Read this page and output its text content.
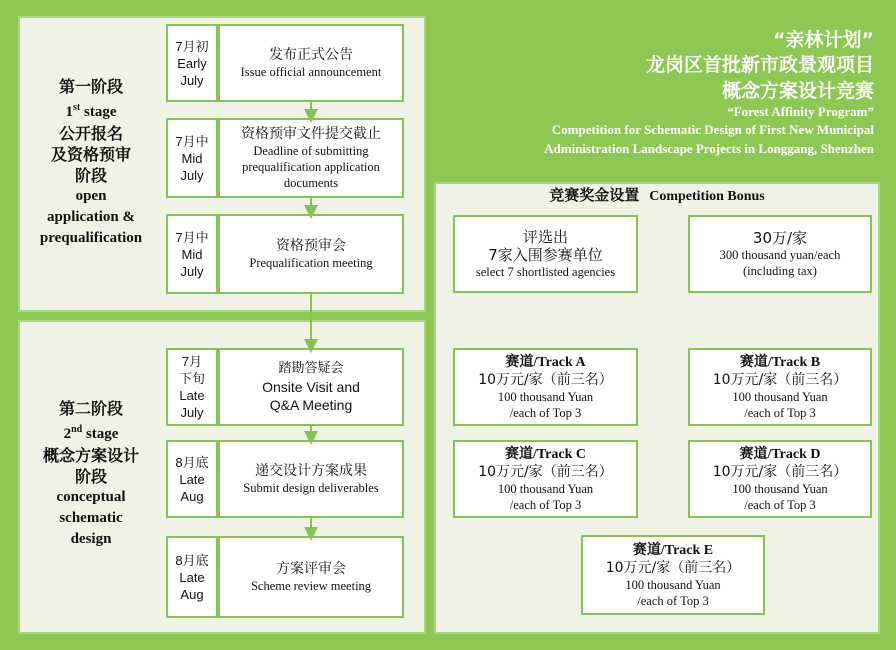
“亲林计划”
龙岗区首批新市政景观项目
概念方案设计竞赛
“Forest Affinity Program”
Competition for Schematic Design of First New Municipal
Administration Landscape Projects in Longgang, Shenzhen
第一阶段
1st stage
公开报名
及资格预审
阶段
open
application &
prequalification
7月初
Early
July
发布正式公告
Issue official announcement
7月中
Mid
July
资格预审文件提交截止
Deadline of submitting prequalification application documents
7月中
Mid
July
资格预审会
Prequalification meeting
第二阶段
2nd stage
概念方案设计
阶段
conceptual
schematic
design
7月
下旬
Late
July
踏勘答疑会
Onsite Visit and
Q&A Meeting
8月底
Late
Aug
递交设计方案成果
Submit design deliverables
8月底
Late
Aug
方案评审会
Scheme review meeting
竞赛奖金设置 Competition Bonus
评选出
7家入围参赛单位
select 7 shortlisted agencies
30万/家
300 thousand yuan/each
(including tax)
赛道/Track A
10万元/家（前三名）
100 thousand Yuan
/each of Top 3
赛道/Track B
10万元/家（前三名）
100 thousand Yuan
/each of Top 3
赛道/Track C
10万元/家（前三名）
100 thousand Yuan
/each of Top 3
赛道/Track D
10万元/家（前三名）
100 thousand Yuan
/each of Top 3
赛道/Track E
10万元/家（前三名）
100 thousand Yuan
/each of Top 3
